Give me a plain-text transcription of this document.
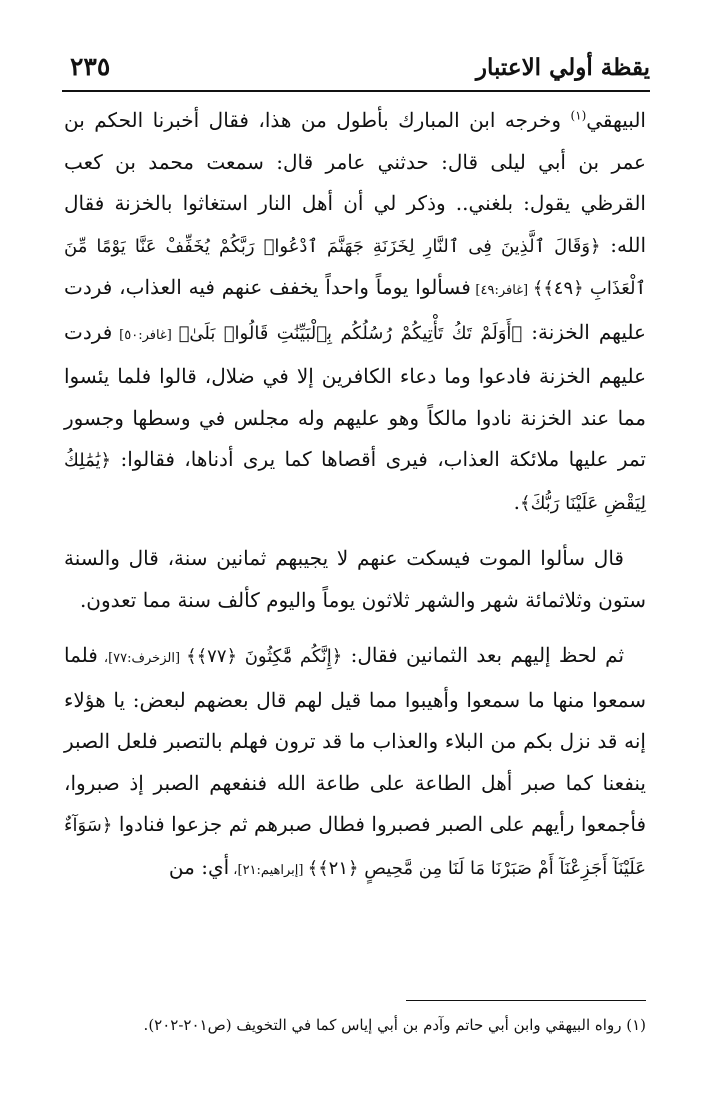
يقظة أولي الاعتبار
٢٣٥

البيهقي$^{(١)}$ وخرجه ابن المبارك بأطول من هذا، فقال أخبرنا الحكم بن عمر بن أبي ليلى قال: حدثني عامر قال: سمعت محمد بن كعب القرظي يقول: بلغني.. وذكر لي أن أهل النار استغاثوا بالخزنة فقال الله: ﴿وَقَالَ ٱلَّذِينَ فِى ٱلنَّارِ لِخَزَنَةِ جَهَنَّمَ ٱدْعُوا۟ رَبَّكُمْ يُخَفِّفْ عَنَّا يَوْمًا مِّنَ ٱلْعَذَابِ ﴿٤٩﴾﴾ [غافر:٤٩] فسألوا يوماً واحداً يخفف عنهم فيه العذاب، فردت عليهم الخزنة: ﴿أَوَلَمْ تَكُ تَأْتِيكُمْ رُسُلُكُم بِٱلْبَيِّنَٰتِ قَالُوا۟ بَلَىٰ﴾ [غافر:٥٠] فردت عليهم الخزنة فادعوا وما دعاء الكافرين إلا في ضلال، قالوا فلما يئسوا مما عند الخزنة نادوا مالكاً وهو عليهم وله مجلس في وسطها وجسور تمر عليها ملائكة العذاب، فيرى أقصاها كما يرى أدناها، فقالوا: ﴿يَٰمَٰلِكُ لِيَقْضِ عَلَيْنَا رَبُّكَ﴾.

قال سألوا الموت فيسكت عنهم لا يجيبهم ثمانين سنة، قال والسنة ستون وثلاثمائة شهر والشهر ثلاثون يوماً واليوم كألف سنة مما تعدون.

ثم لحظ إليهم بعد الثمانين فقال: ﴿إِنَّكُم مَّٰكِثُونَ ﴿٧٧﴾﴾ [الزخرف:٧٧]، فلما سمعوا منها ما سمعوا وأهيبوا مما قيل لهم قال بعضهم لبعض: يا هؤلاء إنه قد نزل بكم من البلاء والعذاب ما قد ترون فهلم بالتصبر فلعل الصبر ينفعنا كما صبر أهل الطاعة على طاعة الله فنفعهم الصبر إذ صبروا، فأجمعوا رأيهم على الصبر فصبروا فطال صبرهم ثم جزعوا فنادوا ﴿سَوَآءٌ عَلَيْنَآ أَجَزِعْنَآ أَمْ صَبَرْنَا مَا لَنَا مِن مَّحِيصٍ ﴿٢١﴾﴾ [إبراهيم:٢١]، أي: من

(١) رواه البيهقي وابن أبي حاتم وآدم بن أبي إياس كما في التخويف (ص٢٠١-٢٠٢).
